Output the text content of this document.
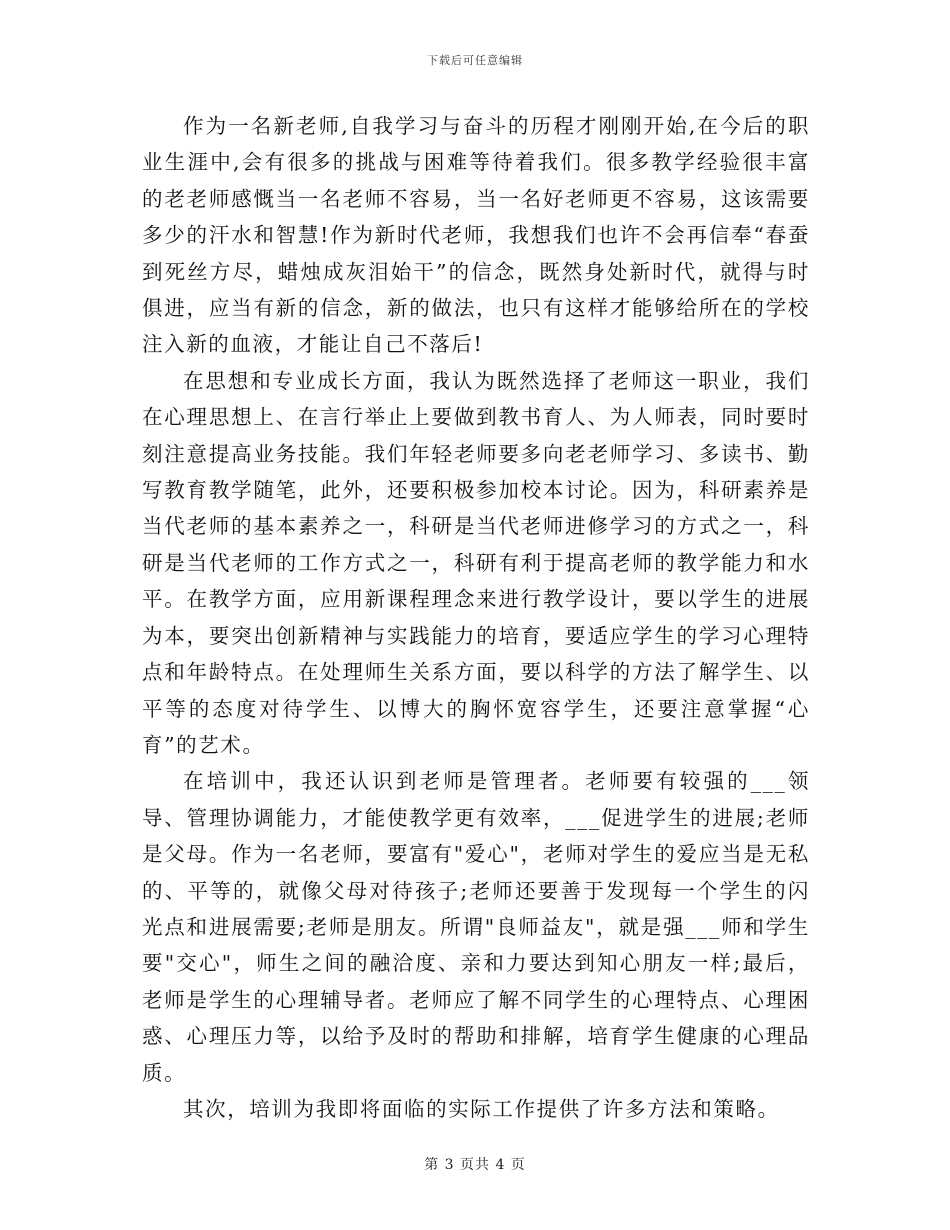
下载后可任意编辑

作为一名新老师,自我学习与奋斗的历程才刚刚开始,在今后的职业生涯中,会有很多的挑战与困难等待着我们。很多教学经验很丰富的老老师感慨当一名老师不容易，当一名好老师更不容易，这该需要多少的汗水和智慧!作为新时代老师，我想我们也许不会再信奉“春蚕到死丝方尽，蜡烛成灰泪始干”的信念，既然身处新时代，就得与时俱进，应当有新的信念，新的做法，也只有这样才能够给所在的学校注入新的血液，才能让自己不落后!

在思想和专业成长方面，我认为既然选择了老师这一职业，我们在心理思想上、在言行举止上要做到教书育人、为人师表，同时要时刻注意提高业务技能。我们年轻老师要多向老老师学习、多读书、勤写教育教学随笔，此外，还要积极参加校本讨论。因为，科研素养是当代老师的基本素养之一，科研是当代老师进修学习的方式之一，科研是当代老师的工作方式之一，科研有利于提高老师的教学能力和水平。在教学方面，应用新课程理念来进行教学设计，要以学生的进展为本，要突出创新精神与实践能力的培育，要适应学生的学习心理特点和年龄特点。在处理师生关系方面，要以科学的方法了解学生、以平等的态度对待学生、以博大的胸怀宽容学生，还要注意掌握“心育”的艺术。

在培训中，我还认识到老师是管理者。老师要有较强的___领导、管理协调能力，才能使教学更有效率，___促进学生的进展;老师是父母。作为一名老师，要富有"爱心"，老师对学生的爱应当是无私的、平等的，就像父母对待孩子;老师还要善于发现每一个学生的闪光点和进展需要;老师是朋友。所谓"良师益友"，就是强___师和学生要"交心"，师生之间的融洽度、亲和力要达到知心朋友一样;最后，老师是学生的心理辅导者。老师应了解不同学生的心理特点、心理困惑、心理压力等，以给予及时的帮助和排解，培育学生健康的心理品质。

其次，培训为我即将面临的实际工作提供了许多方法和策略。

第 3 页共 4 页
